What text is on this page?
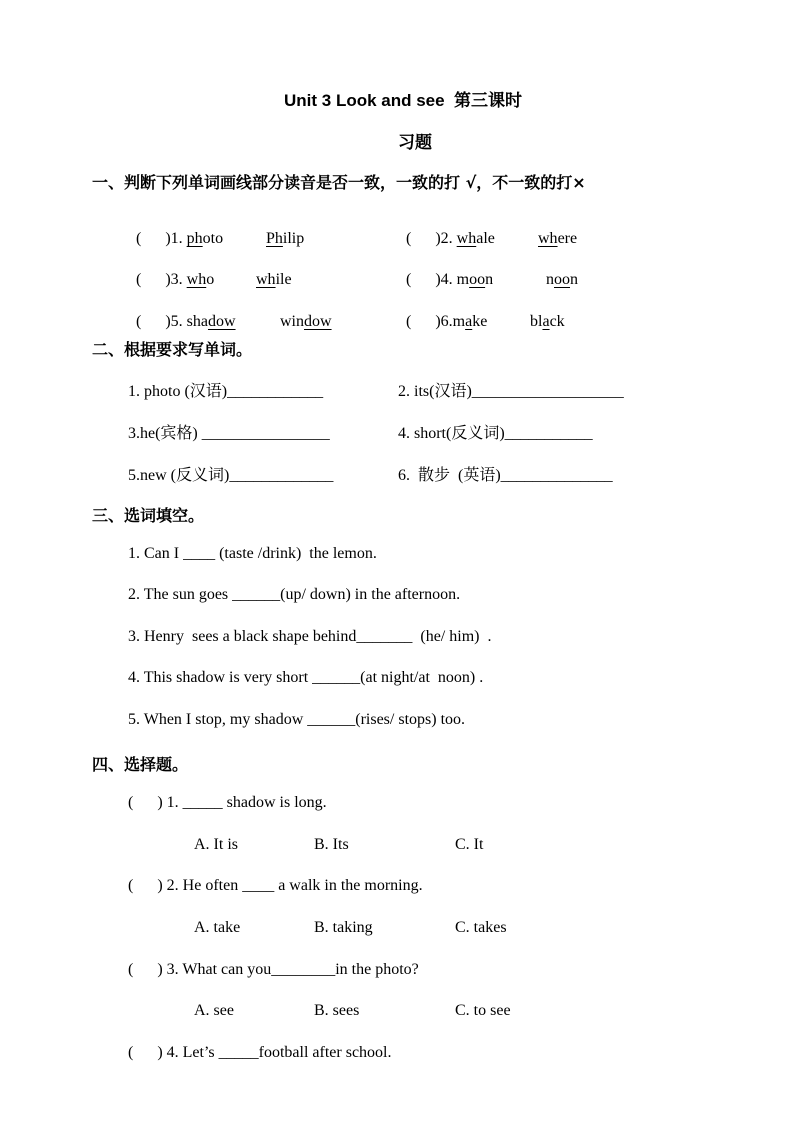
Unit 3 Look and see  第三课时
习题
一、判断下列单词画线部分读音是否一致，一致的打 √，不一致的打×

(      )1. photo	Philip	(      )2. whale	where

(      )3. who	while	(      )4. moon	noon

(      )5. shadow	window	(      )6.make	black

二、根据要求写单词。
1. photo (汉语)____________	2. its(汉语)___________________
3.he(宾格) ________________	4. short(反义词)___________
5.new (反义词)_____________	6.  散步  (英语)______________
三、选词填空。
1. Can I ____ (taste /drink)  the lemon.
2. The sun goes ______(up/ down) in the afternoon.
3. Henry  sees a black shape behind_______  (he/ him)  .
4. This shadow is very short ______(at night/at  noon) .
5. When I stop, my shadow ______(rises/ stops) too.
四、选择题。
(      ) 1. _____ shadow is long.
A. It is	B. Its	C. It
(      ) 2. He often ____ a walk in the morning.
A. take	B. taking	C. takes
(      ) 3. What can you________in the photo?
A. see	B. sees	C. to see
(      ) 4. Let’s _____football after school.
